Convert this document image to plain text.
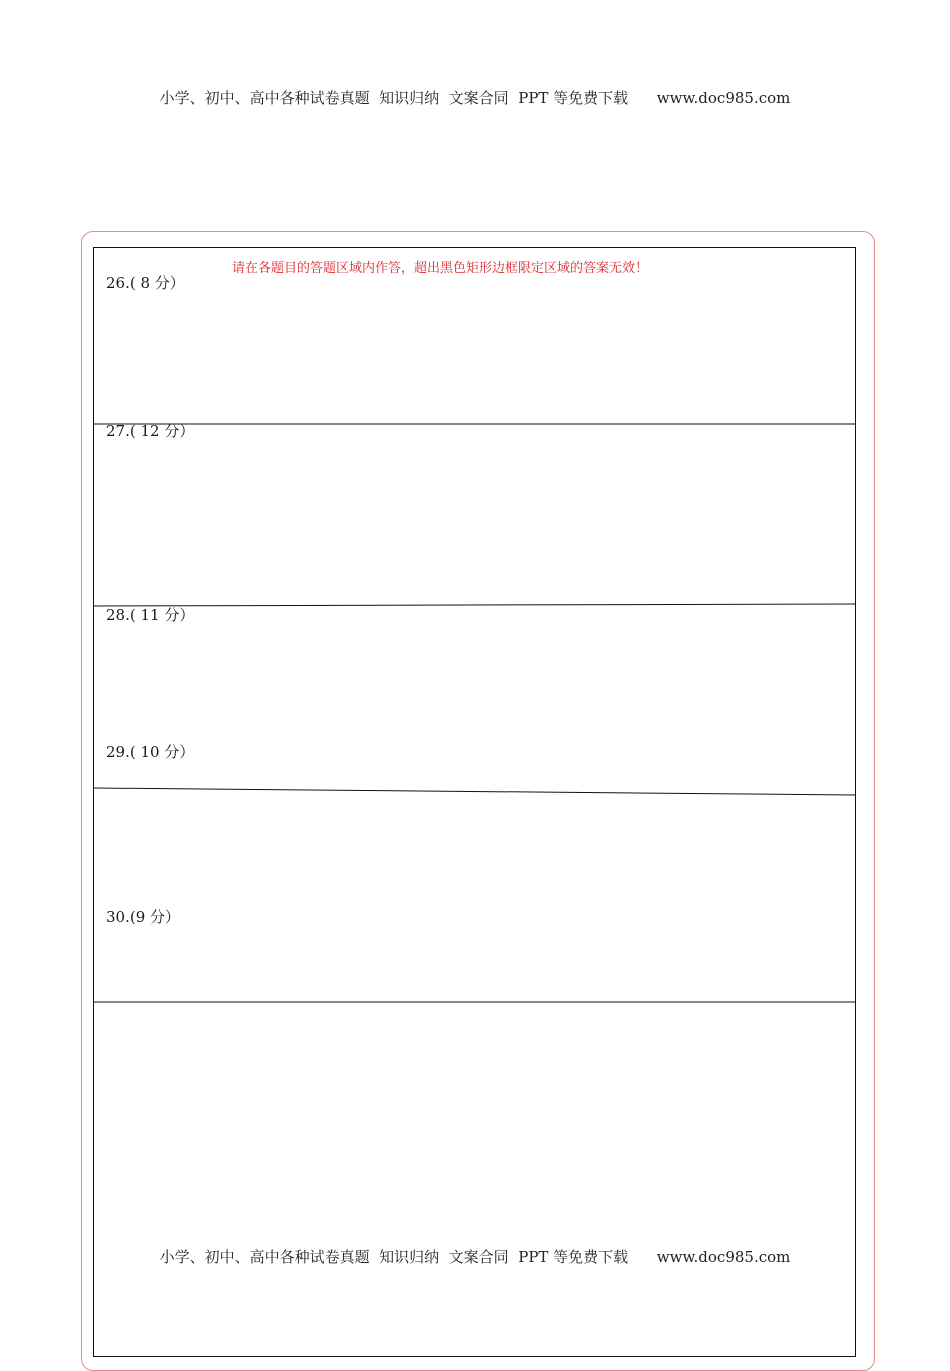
小学、初中、高中各种试卷真题  知识归纳  文案合同  PPT 等免费下载      www.doc985.com
请在各题目的答题区域内作答，超出黑色矩形边框限定区域的答案无效！
26.( 8 分）
27.( 12 分）
28.( 11 分）
29.( 10 分）
30.(9 分）
小学、初中、高中各种试卷真题  知识归纳  文案合同  PPT 等免费下载      www.doc985.com
